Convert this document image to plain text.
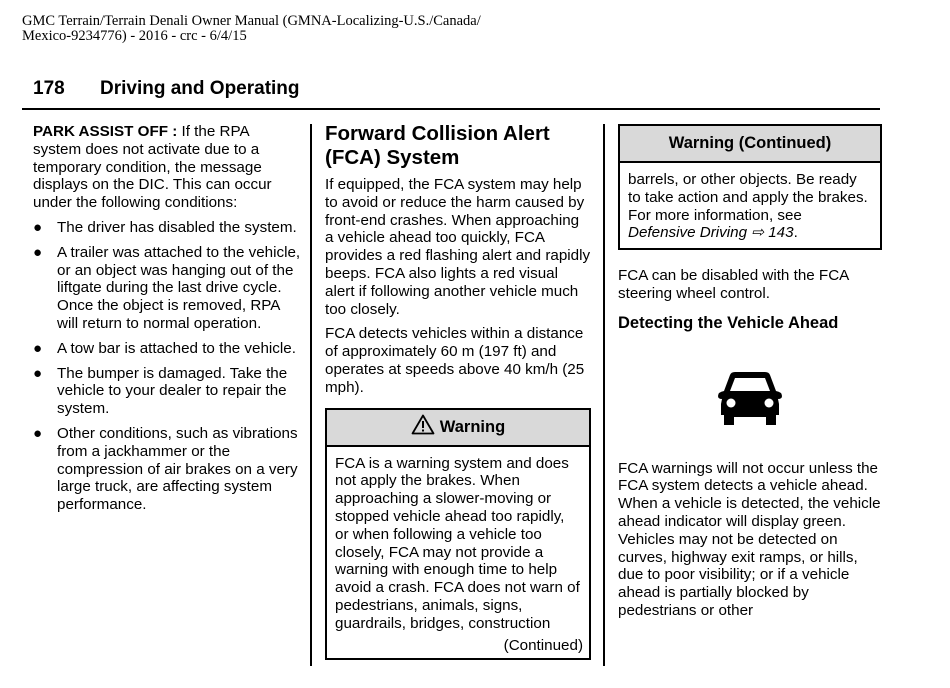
GMC Terrain/Terrain Denali Owner Manual (GMNA-Localizing-U.S./Canada/
Mexico-9234776) - 2016 - crc - 6/4/15
178 Driving and Operating

PARK ASSIST OFF : If the RPA system does not activate due to a temporary condition, the message displays on the DIC. This can occur under the following conditions:

● The driver has disabled the system.
● A trailer was attached to the vehicle, or an object was hanging out of the liftgate during the last drive cycle. Once the object is removed, RPA will return to normal operation.
● A tow bar is attached to the vehicle.
● The bumper is damaged. Take the vehicle to your dealer to repair the system.
● Other conditions, such as vibrations from a jackhammer or the compression of air brakes on a very large truck, are affecting system performance.
Forward Collision Alert (FCA) System

If equipped, the FCA system may help to avoid or reduce the harm caused by front-end crashes. When approaching a vehicle ahead too quickly, FCA provides a red flashing alert and rapidly beeps. FCA also lights a red visual alert if following another vehicle much too closely.

FCA detects vehicles within a distance of approximately 60 m (197 ft) and operates at speeds above 40 km/h (25 mph).

Warning
FCA is a warning system and does not apply the brakes. When approaching a slower-moving or stopped vehicle ahead too rapidly, or when following a vehicle too closely, FCA may not provide a warning with enough time to help avoid a crash. FCA does not warn of pedestrians, animals, signs, guardrails, bridges, construction
(Continued)
Warning (Continued)
barrels, or other objects. Be ready to take action and apply the brakes. For more information, see Defensive Driving ⇨ 143.

FCA can be disabled with the FCA steering wheel control.

Detecting the Vehicle Ahead

FCA warnings will not occur unless the FCA system detects a vehicle ahead. When a vehicle is detected, the vehicle ahead indicator will display green. Vehicles may not be detected on curves, highway exit ramps, or hills, due to poor visibility; or if a vehicle ahead is partially blocked by pedestrians or other
